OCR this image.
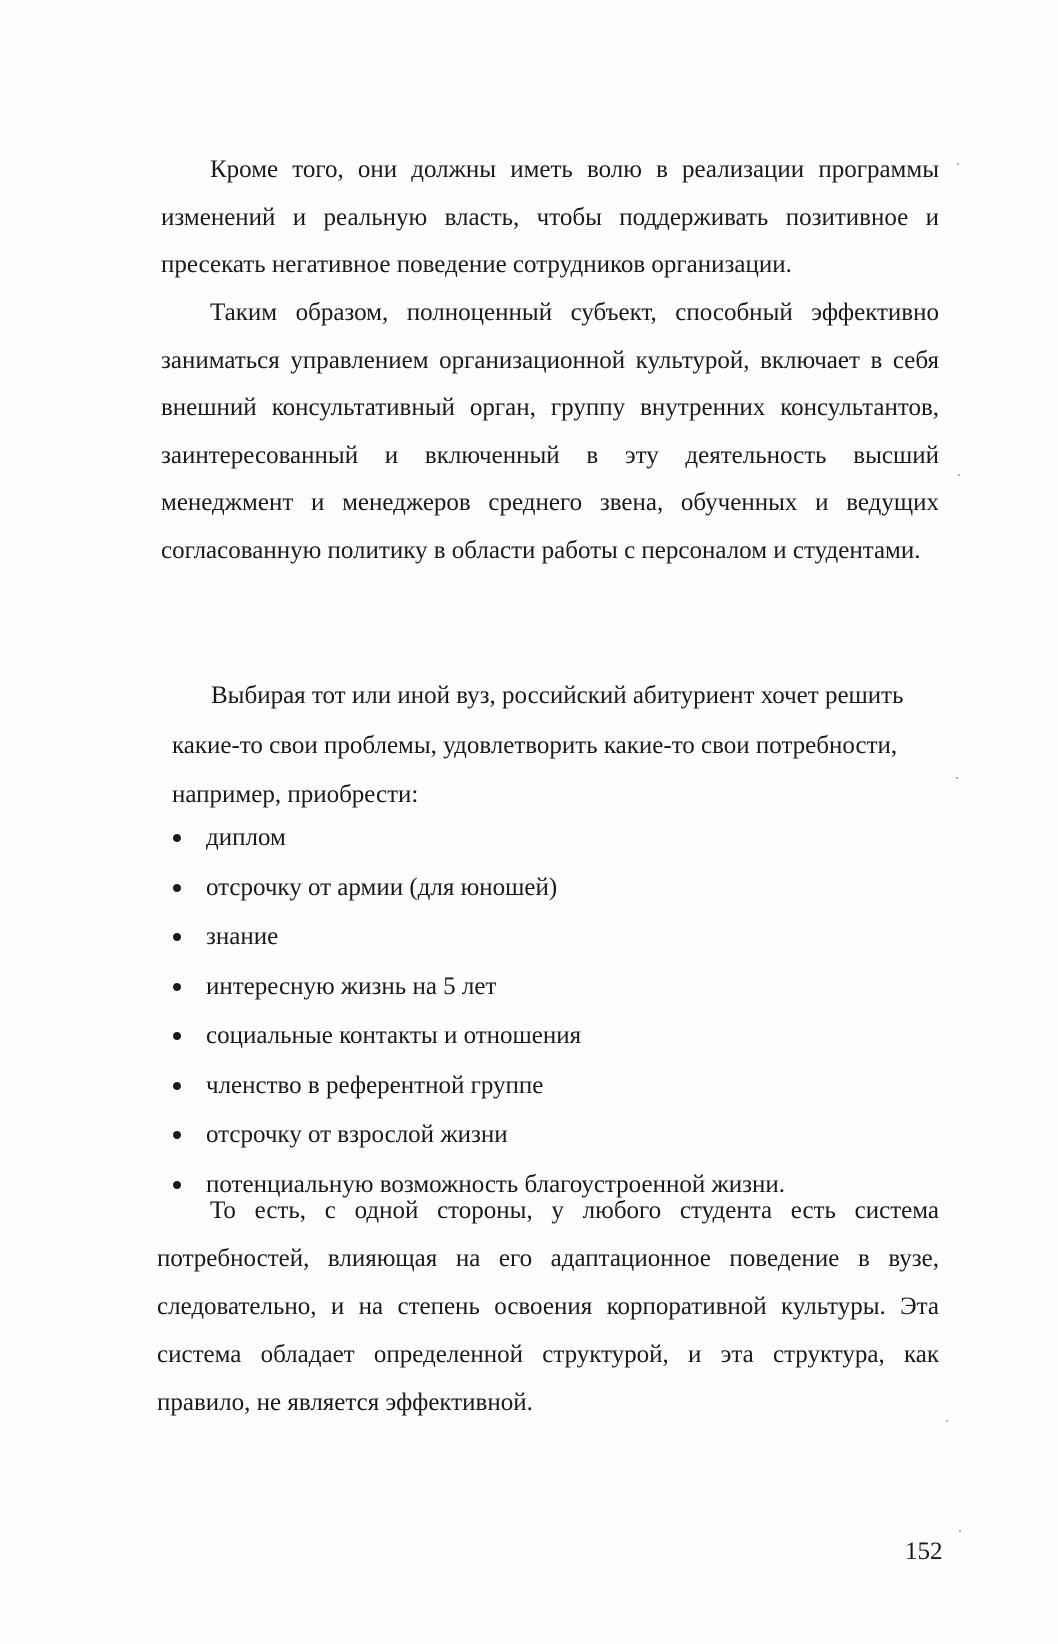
Кроме того, они должны иметь волю в реализации программы изменений и реальную власть, чтобы поддерживать позитивное и пресекать негативное поведение сотрудников организации.

Таким образом, полноценный субъект, способный эффективно заниматься управлением организационной культурой, включает в себя внешний консультативный орган, группу внутренних консультантов, заинтересованный и включенный в эту деятельность высший менеджмент и менеджеров среднего звена, обученных и ведущих согласованную политику в области работы с персоналом и студентами.

Выбирая тот или иной вуз, российский абитуриент хочет решить какие-то свои проблемы, удовлетворить какие-то свои потребности, например, приобрести:

диплом
отсрочку от армии (для юношей)
знание
интересную жизнь на 5 лет
социальные контакты и отношения
членство в референтной группе
отсрочку от взрослой жизни
потенциальную возможность благоустроенной жизни.

То есть, с одной стороны, у любого студента есть система потребностей, влияющая на его адаптационное поведение в вузе, следовательно, и на степень освоения корпоративной культуры. Эта система обладает определенной структурой, и эта структура, как правило, не является эффективной.

152
